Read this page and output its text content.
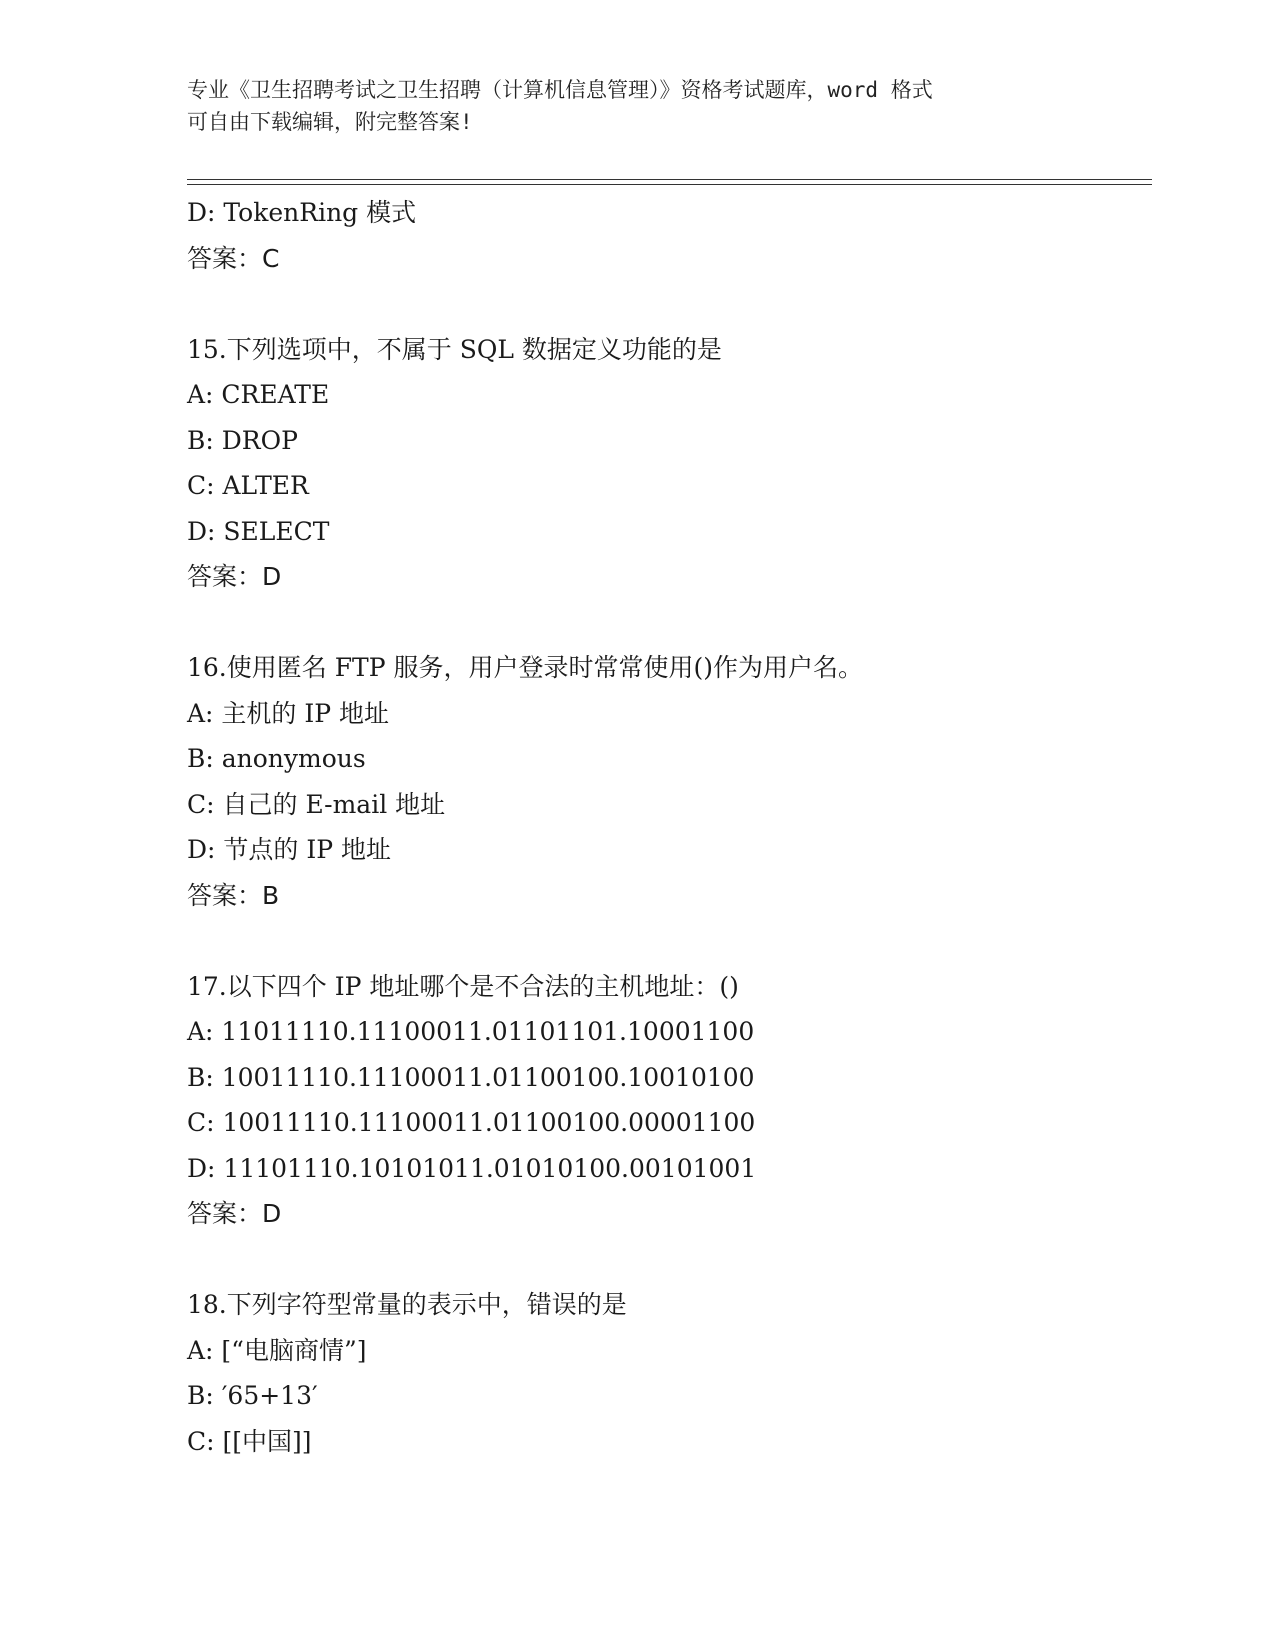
专业《卫生招聘考试之卫生招聘（计算机信息管理）》资格考试题库，word 格式
可自由下载编辑，附完整答案!
D: TokenRing 模式
答案：C
15.下列选项中，不属于 SQL 数据定义功能的是
A: CREATE
B: DROP
C: ALTER
D: SELECT
答案：D
16.使用匿名 FTP 服务，用户登录时常常使用()作为用户名。
A: 主机的 IP 地址
B: anonymous
C: 自己的 E-mail 地址
D: 节点的 IP 地址
答案：B
17.以下四个 IP 地址哪个是不合法的主机地址：()
A: 11011110.11100011.01101101.10001100
B: 10011110.11100011.01100100.10010100
C: 10011110.11100011.01100100.00001100
D: 11101110.10101011.01010100.00101001
答案：D
18.下列字符型常量的表示中，错误的是
A: [“电脑商情”]
B: ′65+13′
C: [[中国]]
